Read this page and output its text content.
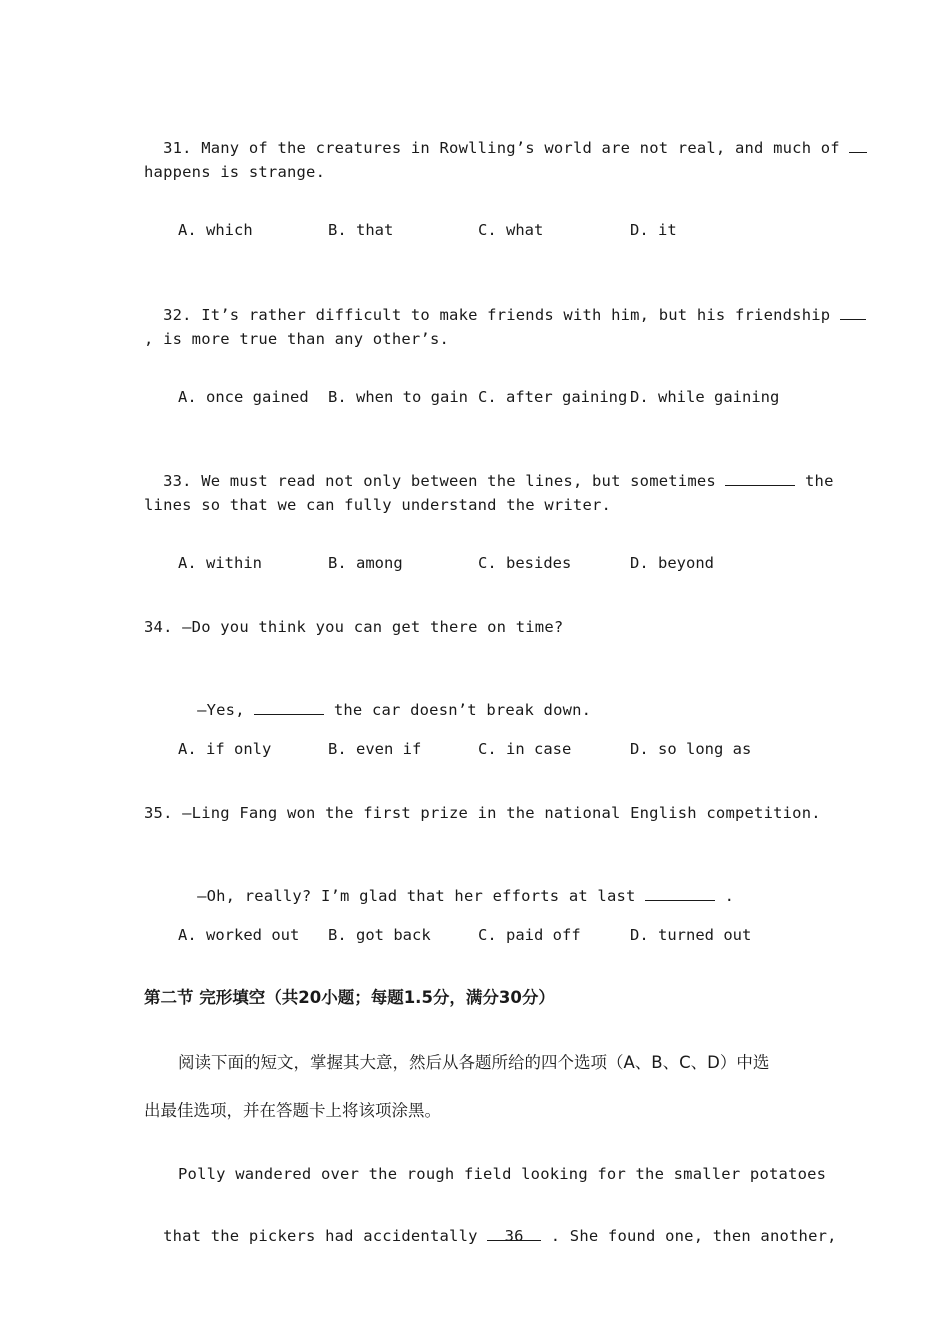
31. Many of the creatures in Rowlling’s world are not real, and much of

happens is strange.
A. which	B. that	C. what	D. it

32. It’s rather difficult to make friends with him, but his friendship

, is more true than any other’s.
A. once gained B. when to gain C. after gaining D. while gaining

33. We must read not only between the lines, but sometimes	the

lines so that we can fully understand the writer.
A. within	B. among	C. besides	D. beyond
34. —Do you think you can get there on time?

—Yes,	the car doesn’t break down.

A. if only	B. even if	C. in case	D. so long as
35. —Ling Fang won the first prize in the national English competition.

—Oh, really? I’m glad that her efforts at last	.

A. worked out B. got back	C. paid off	D. turned out
第二节 完形填空（共20小题；每题1.5分，满分30分）
阅读下面的短文，掌握其大意，然后从各题所给的四个选项（A、B、C、D）中选
出最佳选项，并在答题卡上将该项涂黑。
Polly wandered over the rough field looking for the smaller potatoes

that the pickers had accidentally 36 . She found one, then another,
